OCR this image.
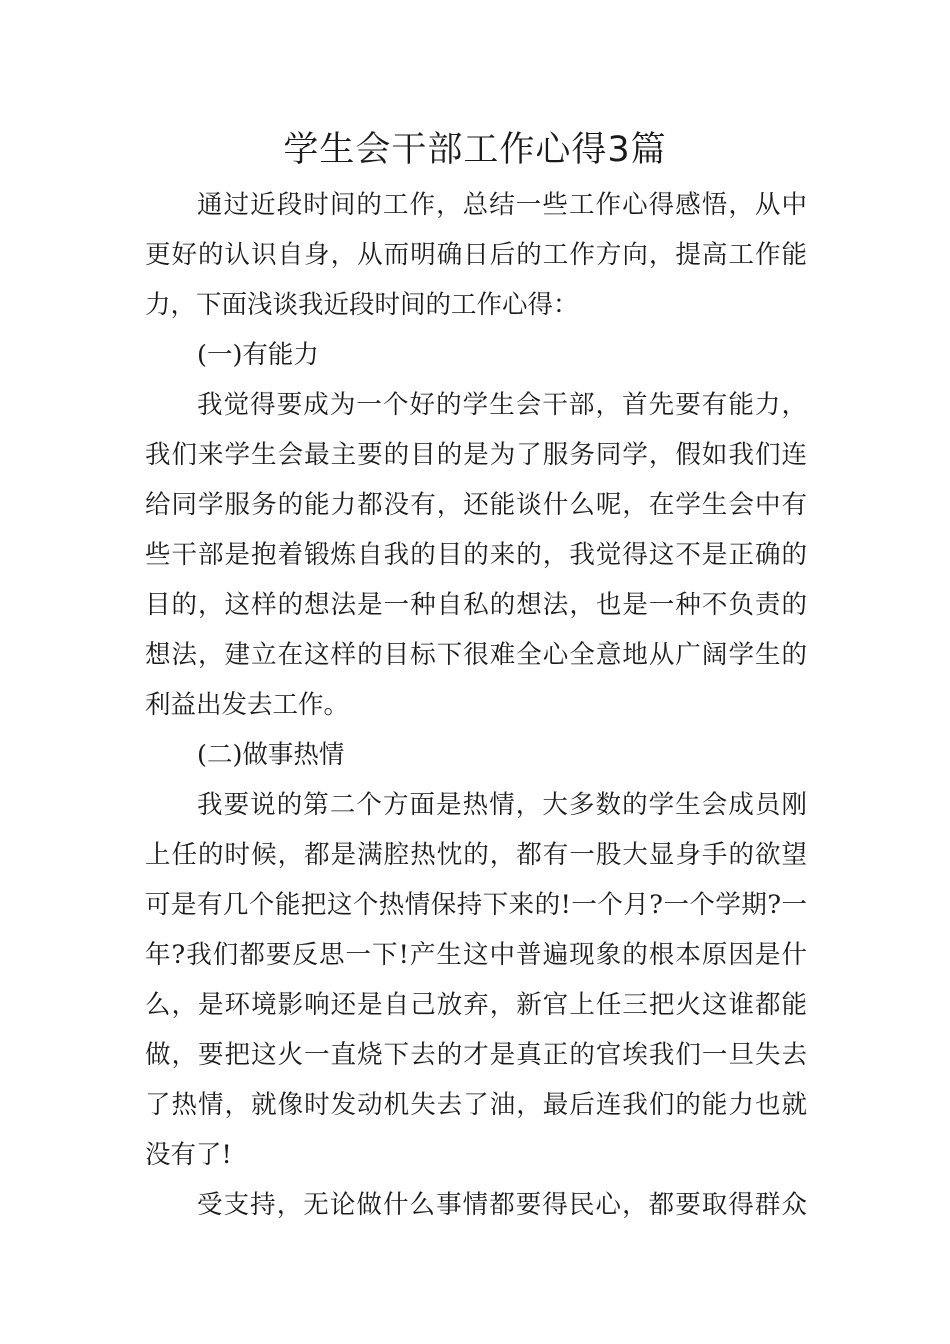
学生会干部工作心得3篇
通过近段时间的工作，总结一些工作心得感悟，从中
更好的认识自身，从而明确日后的工作方向，提高工作能
力，下面浅谈我近段时间的工作心得：
(一)有能力
我觉得要成为一个好的学生会干部，首先要有能力，
我们来学生会最主要的目的是为了服务同学，假如我们连
给同学服务的能力都没有，还能谈什么呢，在学生会中有
些干部是抱着锻炼自我的目的来的，我觉得这不是正确的
目的，这样的想法是一种自私的想法，也是一种不负责的
想法，建立在这样的目标下很难全心全意地从广阔学生的
利益出发去工作。
(二)做事热情
我要说的第二个方面是热情，大多数的学生会成员刚
上任的时候，都是满腔热忱的，都有一股大显身手的欲望
可是有几个能把这个热情保持下来的!一个月?一个学期?一
年?我们都要反思一下!产生这中普遍现象的根本原因是什
么，是环境影响还是自己放弃，新官上任三把火这谁都能
做，要把这火一直烧下去的才是真正的官埃我们一旦失去
了热情，就像时发动机失去了油，最后连我们的能力也就
没有了!
受支持，无论做什么事情都要得民心，都要取得群众
